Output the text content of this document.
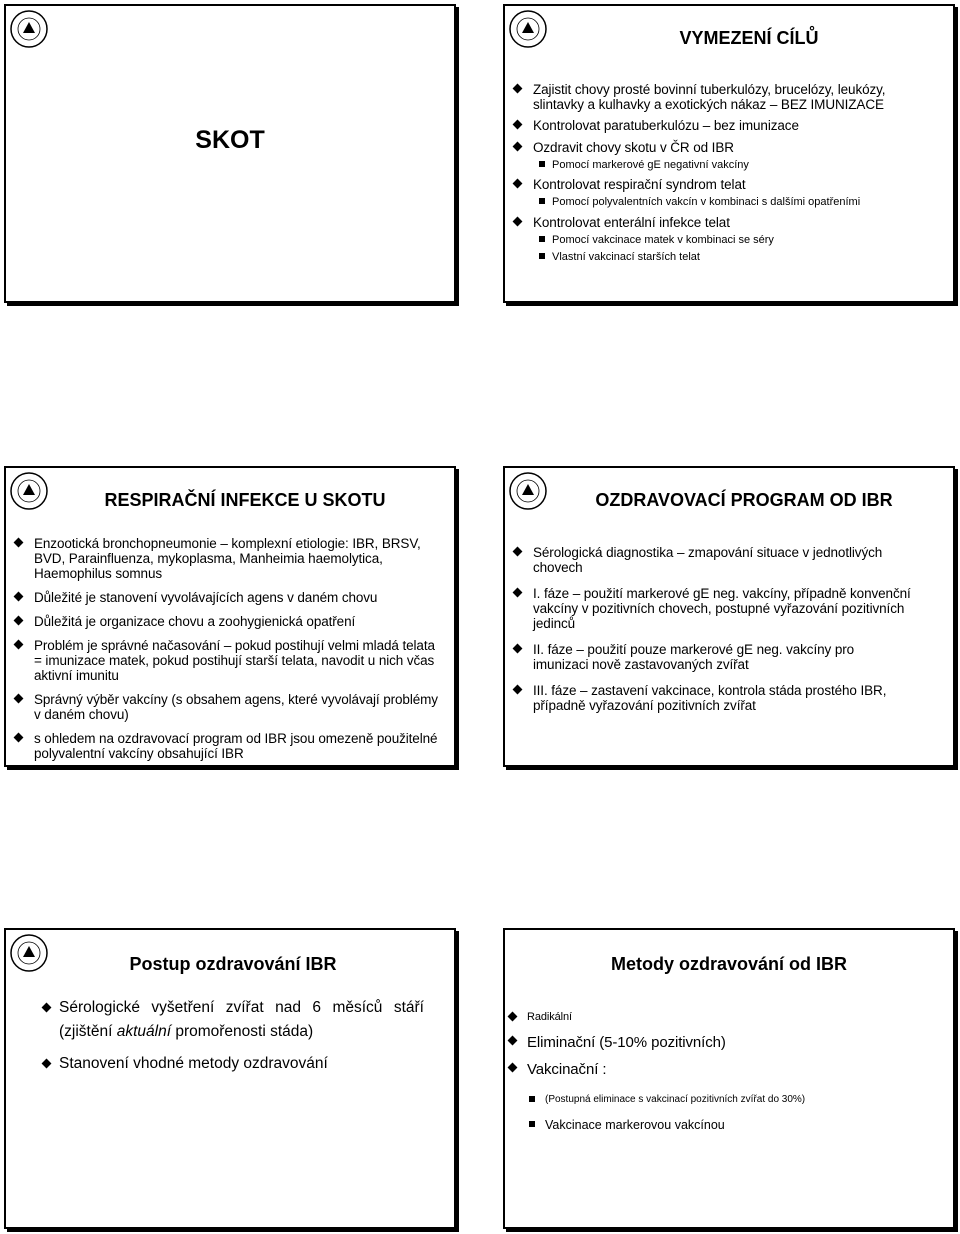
SKOT
VYMEZENÍ CÍLŮ
Zajistit chovy prosté bovinní tuberkulózy, brucelózy, leukózy, slintavky a kulhavky a exotických nákaz – BEZ IMUNIZACE
Kontrolovat paratuberkulózu – bez imunizace
Ozdravit chovy skotu v ČR od IBR
Pomocí markerové gE negativní vakcíny
Kontrolovat respirační syndrom telat
Pomocí polyvalentních vakcín v kombinaci s dalšími opatřeními
Kontrolovat enterální infekce telat
Pomocí vakcinace matek v kombinaci se séry
Vlastní vakcinací starších telat
RESPIRAČNÍ INFEKCE U SKOTU
Enzootická bronchopneumonie – komplexní etiologie: IBR, BRSV, BVD, Parainfluenza, mykoplasma, Manheimia haemolytica, Haemophilus somnus
Důležité je stanovení vyvolávajících agens v daném chovu
Důležitá je organizace chovu a zoohygienická opatření
Problém je správné načasování – pokud postihují velmi mladá telata = imunizace matek, pokud postihují starší telata, navodit u nich včas aktivní imunitu
Správný výběr vakcíny (s obsahem agens, které vyvolávají problémy v daném chovu)
s ohledem na ozdravovací program od IBR jsou omezeně použitelné polyvalentní vakcíny obsahující IBR
OZDRAVOVACÍ PROGRAM OD IBR
Sérologická diagnostika – zmapování situace v jednotlivých chovech
I. fáze – použití markerové gE neg. vakcíny, případně konvenční vakcíny v pozitivních chovech, postupné vyřazování pozitivních jedinců
II. fáze – použití pouze markerové gE neg. vakcíny pro imunizaci nově zastavovaných zvířat
III. fáze – zastavení vakcinace, kontrola stáda prostého IBR, případně vyřazování pozitivních zvířat
Postup ozdravování IBR
Sérologické vyšetření zvířat nad 6 měsíců stáří (zjištění aktuální promořenosti stáda)
Stanovení vhodné metody ozdravování
Metody ozdravování od IBR
Radikální
Eliminační (5-10% pozitivních)
Vakcinační :
(Postupná eliminace s vakcinací pozitivních zvířat do 30%)
Vakcinace markerovou vakcínou
